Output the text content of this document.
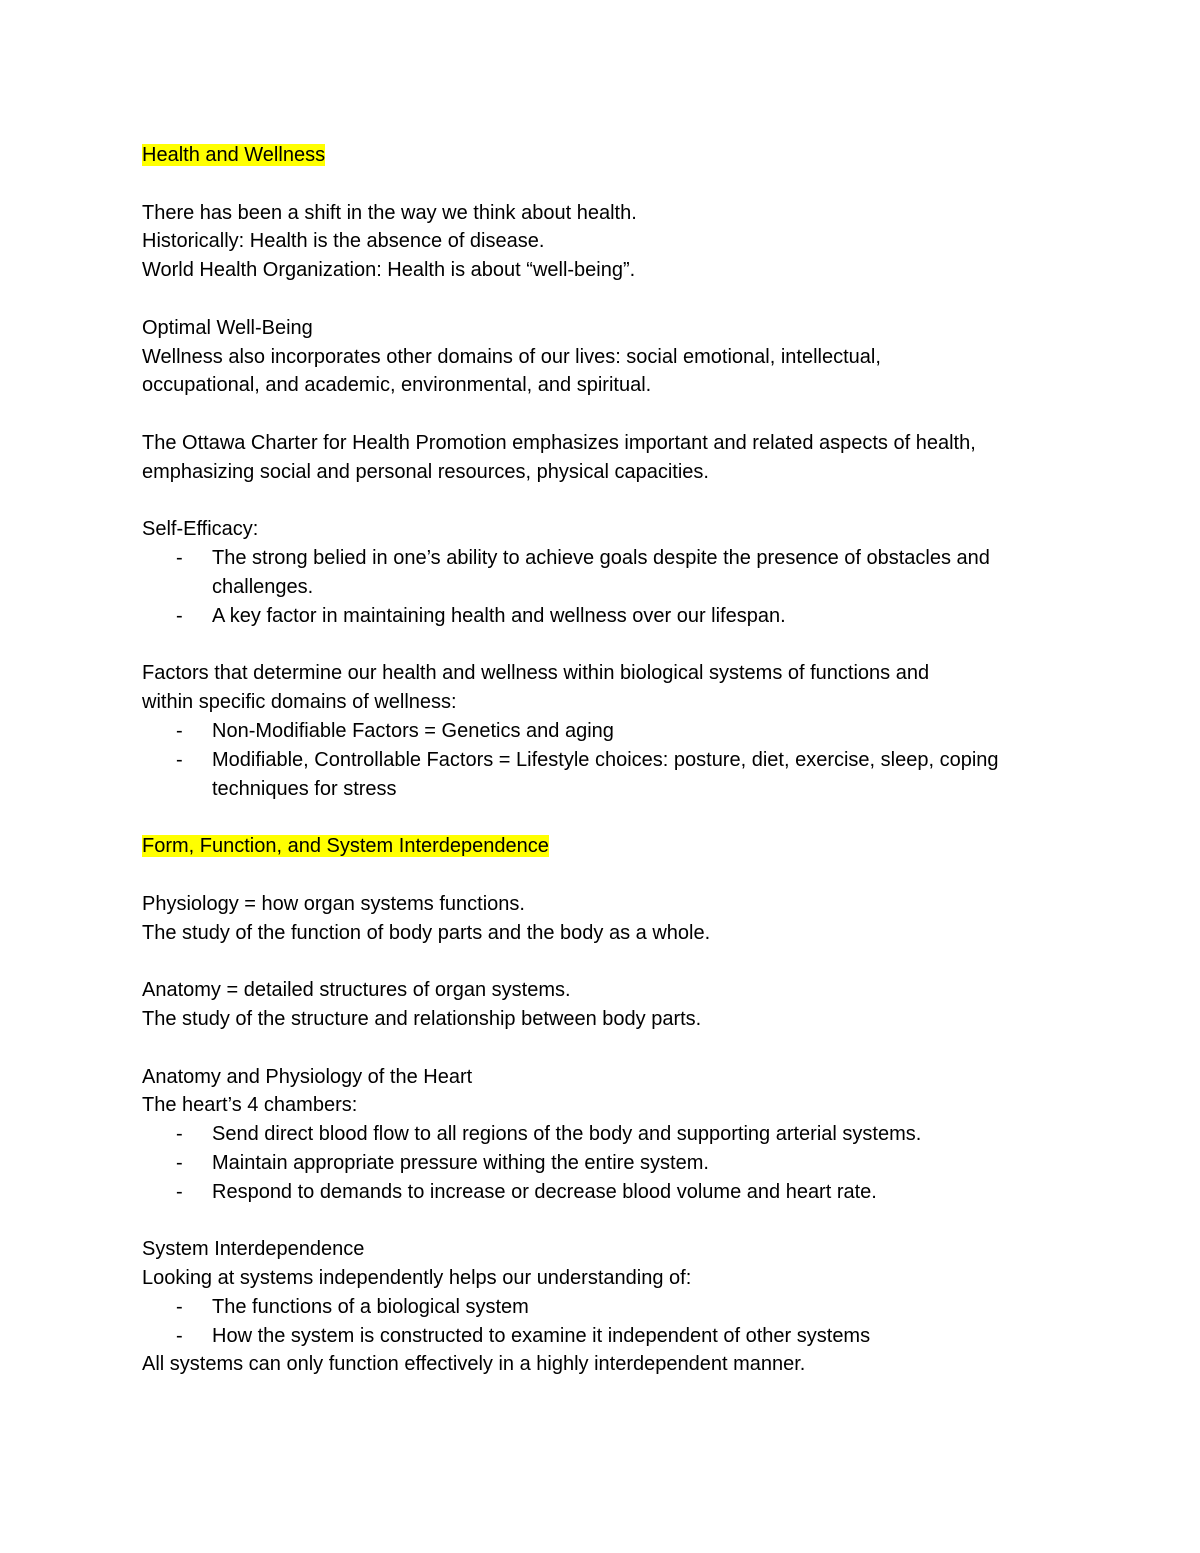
Health and Wellness
There has been a shift in the way we think about health.
Historically: Health is the absence of disease.
World Health Organization: Health is about “well-being”.
Optimal Well-Being
Wellness also incorporates other domains of our lives: social emotional, intellectual,
occupational, and academic, environmental, and spiritual.
The Ottawa Charter for Health Promotion emphasizes important and related aspects of health,
emphasizing social and personal resources, physical capacities.
Self-Efficacy:
- The strong belied in one’s ability to achieve goals despite the presence of obstacles and challenges.
- A key factor in maintaining health and wellness over our lifespan.
Factors that determine our health and wellness within biological systems of functions and
within specific domains of wellness:
- Non-Modifiable Factors = Genetics and aging
- Modifiable, Controllable Factors = Lifestyle choices: posture, diet, exercise, sleep, coping techniques for stress
Form, Function, and System Interdependence
Physiology = how organ systems functions.
The study of the function of body parts and the body as a whole.
Anatomy = detailed structures of organ systems.
The study of the structure and relationship between body parts.
Anatomy and Physiology of the Heart
The heart’s 4 chambers:
- Send direct blood flow to all regions of the body and supporting arterial systems.
- Maintain appropriate pressure withing the entire system.
- Respond to demands to increase or decrease blood volume and heart rate.
System Interdependence
Looking at systems independently helps our understanding of:
- The functions of a biological system
- How the system is constructed to examine it independent of other systems
All systems can only function effectively in a highly interdependent manner.
